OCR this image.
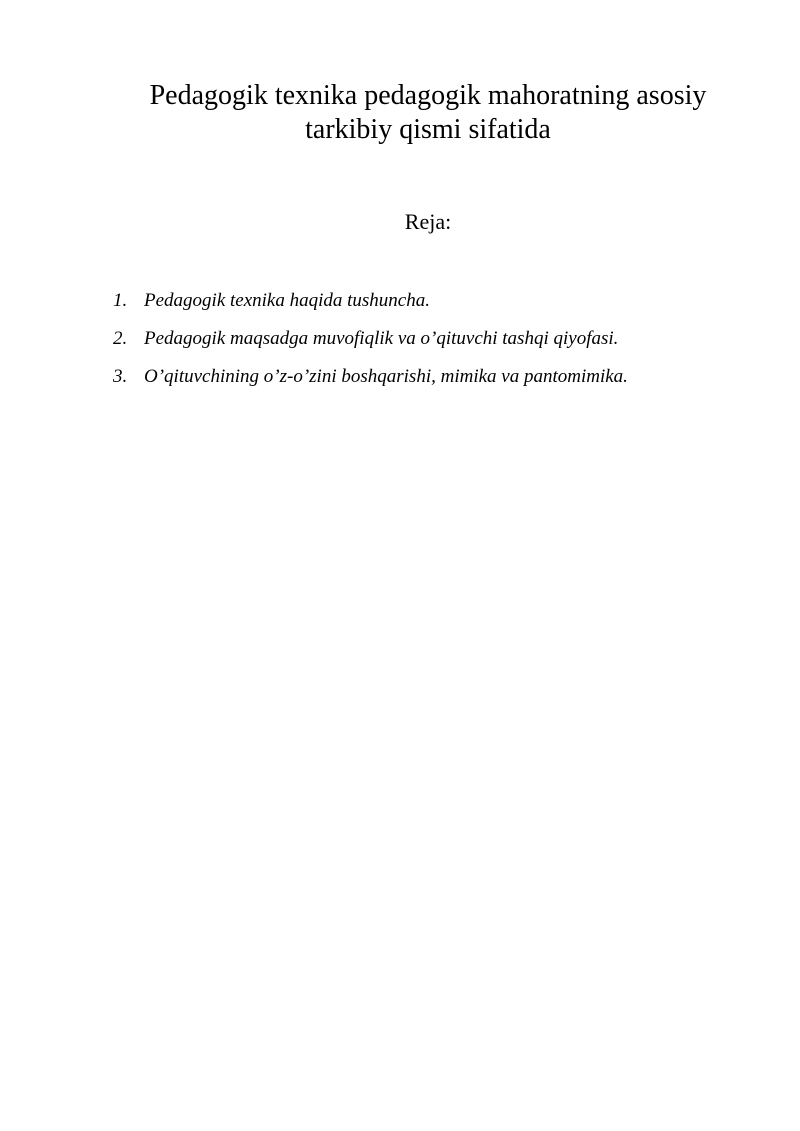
Pedagogik texnika pedagogik mahoratning asosiy
tarkibiy qismi sifatida
Reja:
1. Pedagogik texnika haqida tushuncha.
2. Pedagogik maqsadga muvofiqlik va o’qituvchi tashqi qiyofasi.
3. O’qituvchining o’z-o’zini boshqarishi, mimika va pantomimika.
